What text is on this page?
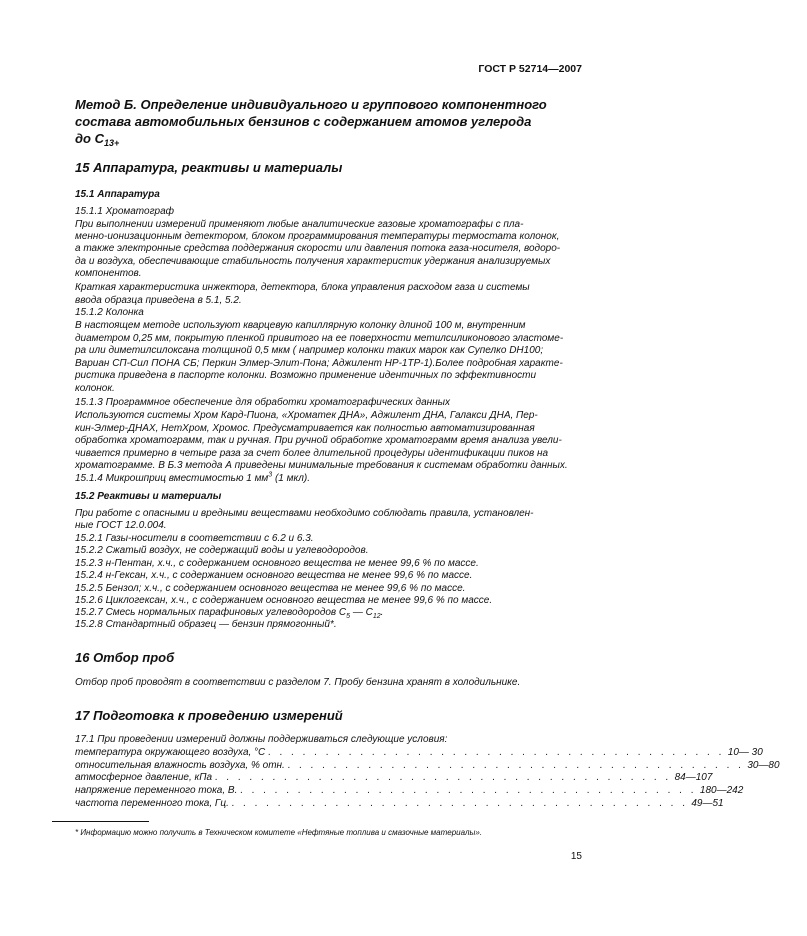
ГОСТ Р 52714—2007
Метод Б. Определение индивидуального и группового компонентного
состава автомобильных бензинов с содержанием атомов углерода
до $С_{13+}$
15 Аппаратура, реактивы и материалы
15.1 Аппаратура
15.1.1 Хроматограф
При выполнении измерений применяют любые аналитические газовые хроматографы с пла-
менно-ионизационным детектором, блоком программирования температуры термостата колонок,
а также электронные средства поддержания скорости или давления потока газа-носителя, водоро-
да и воздуха, обеспечивающие стабильность получения характеристик удержания анализируемых
компонентов.
Краткая характеристика инжектора, детектора, блока управления расходом газа и системы
ввода образца приведена в 5.1, 5.2.
15.1.2 Колонка
В настоящем методе используют кварцевую капиллярную колонку длиной 100 м, внутренним
диаметром 0,25 мм, покрытую пленкой привитого на ее поверхности метилсиликонового эластоме-
ра или диметилсилоксана толщиной 0,5 мкм ( например колонки таких марок как Супелко DH100;
Вариан СП-Сил ПОНА СБ; Перкин Элмер-Элит-Пона; Аджилент НР-1ТР-1).Более подробная характе-
ристика приведена в паспорте колонки. Возможно применение идентичных по эффективности
колонок.
15.1.3 Программное обеспечение для обработки хроматографических данных
Используются системы Хром Кард-Пиона, «Хроматек ДНА», Аджилент ДНА, Галакси ДНА, Пер-
кин-Элмер-ДНАХ, НетХром, Хромос. Предусматривается как полностью автоматизированная
обработка хроматограмм, так и ручная. При ручной обработке хроматограмм время анализа увели-
чивается примерно в четыре раза за счет более длительной процедуры идентификации пиков на
хроматограмме. В Б.3 метода А приведены минимальные требования к системам обработки данных.
15.1.4 Микрошприц вместимостью 1 $мм^3$ (1 мкл).
15.2 Реактивы и материалы
При работе с опасными и вредными веществами необходимо соблюдать правила, установлен-
ные ГОСТ 12.0.004.
15.2.1 Газы-носители в соответствии с 6.2 и 6.3.
15.2.2 Сжатый воздух, не содержащий воды и углеводородов.
15.2.3 н-Пентан, х.ч., с содержанием основного вещества не менее 99,6 % по массе.
15.2.4 н-Гексан, х.ч., с содержанием основного вещества не менее 99,6 % по массе.
15.2.5 Бензол; х.ч., с содержанием основного вещества не менее 99,6 % по массе.
15.2.6 Циклогексан, х.ч., с содержанием основного вещества не менее 99,6 % по массе.
15.2.7 Смесь нормальных парафиновых углеводородов $С_5$ — $С_{12}$.
15.2.8 Стандартный образец — бензин прямогонный*.
16 Отбор проб
Отбор проб проводят в соответствии с разделом 7. Пробу бензина хранят в холодильнике.
17 Подготовка к проведению измерений
17.1 При проведении измерений должны поддерживаться следующие условия:
температура окружающего воздуха, °С . . . . . . . . . . . . . . . . . . . . . . . . . . . . . . . . . . . . . . . . 10— 30
относительная влажность воздуха, % отн. . . . . . . . . . . . . . . . . . . . . . . . . . . . . . . . . . . . . . . . . 30—80
атмосферное давление, кПа . . . . . . . . . . . . . . . . . . . . . . . . . . . . . . . . . . . . . . . . 84—107
напряжение переменного тока, В. . . . . . . . . . . . . . . . . . . . . . . . . . . . . . . . . . . . . . . . . 180—242
частота переменного тока, Гц. . . . . . . . . . . . . . . . . . . . . . . . . . . . . . . . . . . . . . . . . 49—51
* Информацию можно получить в Техническом комитете «Нефтяные топлива и смазочные материалы».
15
